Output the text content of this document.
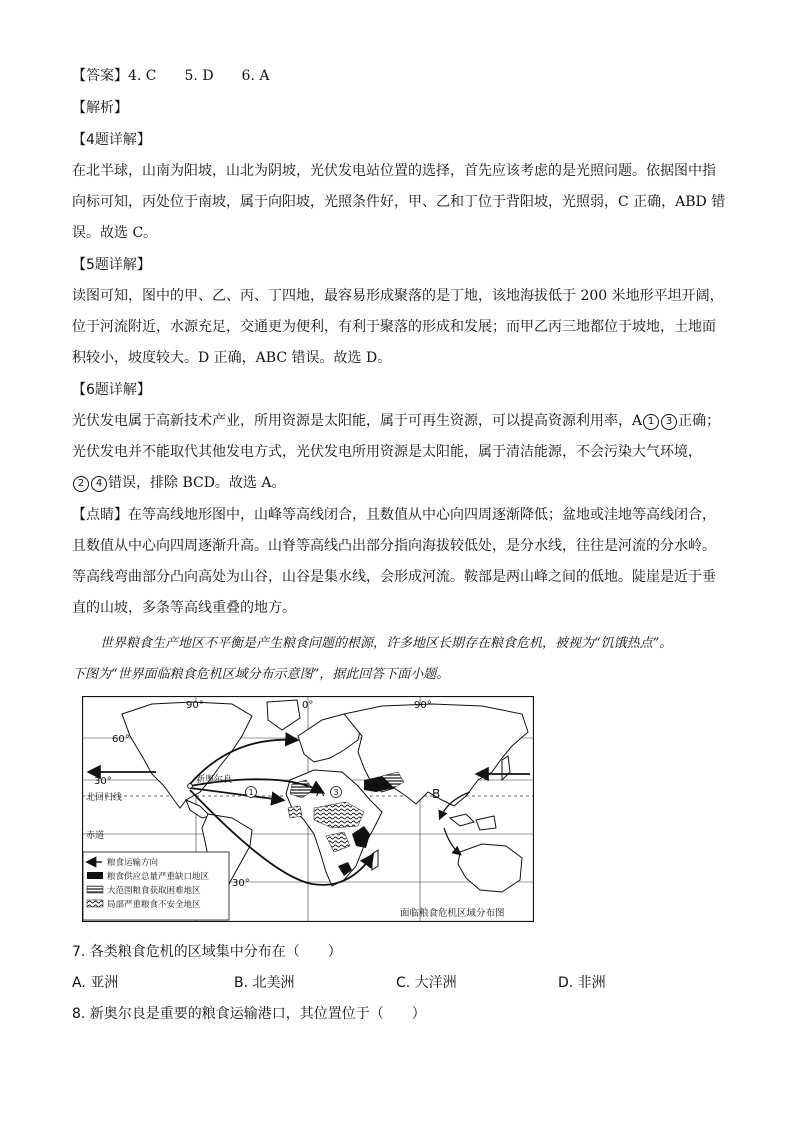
【答案】4. C　　5. D　　6. A
【解析】
【4题详解】
在北半球，山南为阳坡，山北为阴坡，光伏发电站位置的选择，首先应该考虑的是光照问题。依据图中指
向标可知，丙处位于南坡，属于向阳坡，光照条件好，甲、乙和丁位于背阳坡，光照弱，C 正确，ABD 错
误。故选 C。
【5题详解】
读图可知，图中的甲、乙、丙、丁四地，最容易形成聚落的是丁地，该地海拔低于 200 米地形平坦开阔，
位于河流附近，水源充足，交通更为便利，有利于聚落的形成和发展；而甲乙丙三地都位于坡地，土地面
积较小，坡度较大。D 正确，ABC 错误。故选 D。
【6题详解】
光伏发电属于高新技术产业，所用资源是太阳能，属于可再生资源，可以提高资源利用率，A 1 3 正确；
光伏发电并不能取代其他发电方式，光伏发电所用资源是太阳能，属于清洁能源，不会污染大气环境，
2 4 错误，排除 BCD。故选 A。
【点睛】在等高线地形图中，山峰等高线闭合，且数值从中心向四周逐渐降低；盆地或洼地等高线闭合，
且数值从中心向四周逐渐升高。山脊等高线凸出部分指向海拔较低处，是分水线，往往是河流的分水岭。
等高线弯曲部分凸向高处为山谷，山谷是集水线，会形成河流。鞍部是两山峰之间的低地。陡崖是近于垂
直的山坡，多条等高线重叠的地方。
世界粮食生产地区不平衡是产生粮食问题的根源，许多地区长期存在粮食危机，被视为“饥饿热点”。
下图为“世界面临粮食危机区域分布示意图”，据此回答下面小题。
60°
30°
北回归线
赤道
30°
90°	0°	90°
新奥尔良
A	B
1	3
粮食运输方向
粮食供应总量严重缺口地区
大范围粮食获取困难地区
局部严重粮食不安全地区
面临粮食危机区域分布图
7. 各类粮食危机的区域集中分布在（　　）
A. 亚洲	B. 北美洲	C. 大洋洲	D. 非洲
8. 新奥尔良是重要的粮食运输港口，其位置位于（　　）
